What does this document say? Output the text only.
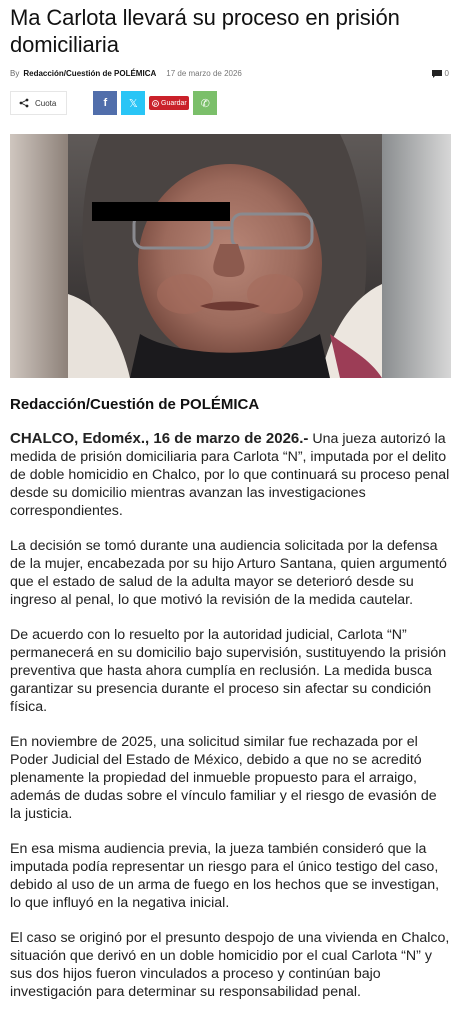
Ma Carlota llevará su proceso en prisión domiciliaria
By Redacción/Cuestión de POLÉMICA 17 de marzo de 2026	0
Cuota	f 𝕏	p Guardar ✆
Redacción/Cuestión de POLÉMICA

CHALCO, Edoméx., 16 de marzo de 2026.- Una jueza autorizó la medida de prisión domiciliaria para Carlota “N”, imputada por el delito de doble homicidio en Chalco, por lo que continuará su proceso penal desde su domicilio mientras avanzan las investigaciones correspondientes.

La decisión se tomó durante una audiencia solicitada por la defensa de la mujer, encabezada por su hijo Arturo Santana, quien argumentó que el estado de salud de la adulta mayor se deterioró desde su ingreso al penal, lo que motivó la revisión de la medida cautelar.

De acuerdo con lo resuelto por la autoridad judicial, Carlota “N” permanecerá en su domicilio bajo supervisión, sustituyendo la prisión preventiva que hasta ahora cumplía en reclusión. La medida busca garantizar su presencia durante el proceso sin afectar su condición física.

En noviembre de 2025, una solicitud similar fue rechazada por el Poder Judicial del Estado de México, debido a que no se acreditó plenamente la propiedad del inmueble propuesto para el arraigo, además de dudas sobre el vínculo familiar y el riesgo de evasión de la justicia.

En esa misma audiencia previa, la jueza también consideró que la imputada podía representar un riesgo para el único testigo del caso, debido al uso de un arma de fuego en los hechos que se investigan, lo que influyó en la negativa inicial.

El caso se originó por el presunto despojo de una vivienda en Chalco, situación que derivó en un doble homicidio por el cual Carlota “N” y sus dos hijos fueron vinculados a proceso y continúan bajo investigación para determinar su responsabilidad penal.
